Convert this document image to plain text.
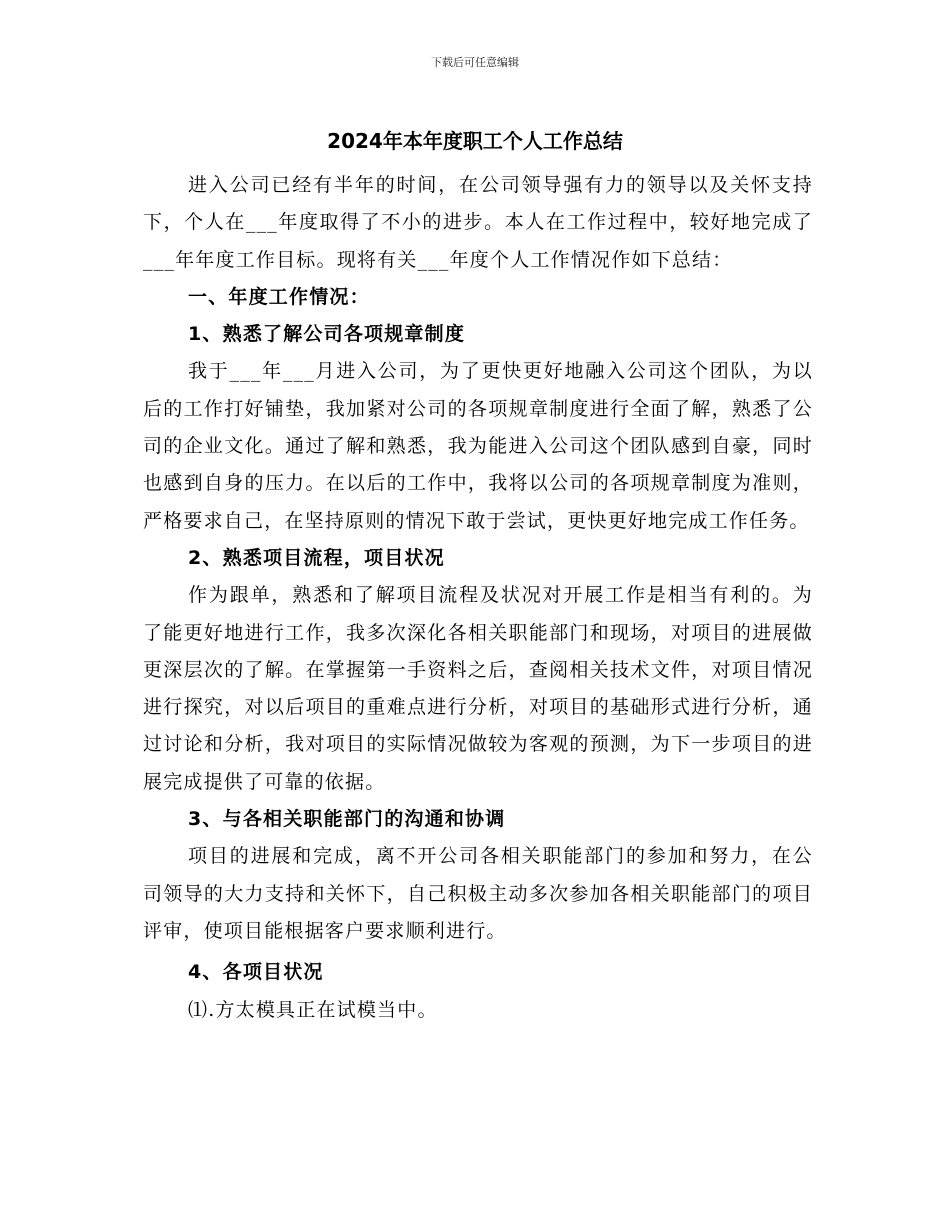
下载后可任意编辑
2024年本年度职工个人工作总结

进入公司已经有半年的时间，在公司领导强有力的领导以及关怀支持下，个人在___年度取得了不小的进步。本人在工作过程中，较好地完成了___年年度工作目标。现将有关___年度个人工作情况作如下总结：

一、年度工作情况：

1、熟悉了解公司各项规章制度

我于___年___月进入公司，为了更快更好地融入公司这个团队，为以后的工作打好铺垫，我加紧对公司的各项规章制度进行全面了解，熟悉了公司的企业文化。通过了解和熟悉，我为能进入公司这个团队感到自豪，同时也感到自身的压力。在以后的工作中，我将以公司的各项规章制度为准则，严格要求自己，在坚持原则的情况下敢于尝试，更快更好地完成工作任务。

2、熟悉项目流程，项目状况

作为跟单，熟悉和了解项目流程及状况对开展工作是相当有利的。为了能更好地进行工作，我多次深化各相关职能部门和现场，对项目的进展做更深层次的了解。在掌握第一手资料之后，查阅相关技术文件，对项目情况进行探究，对以后项目的重难点进行分析，对项目的基础形式进行分析，通过讨论和分析，我对项目的实际情况做较为客观的预测，为下一步项目的进展完成提供了可靠的依据。

3、与各相关职能部门的沟通和协调

项目的进展和完成，离不开公司各相关职能部门的参加和努力，在公司领导的大力支持和关怀下，自己积极主动多次参加各相关职能部门的项目评审，使项目能根据客户要求顺利进行。

4、各项目状况

⑴.方太模具正在试模当中。
